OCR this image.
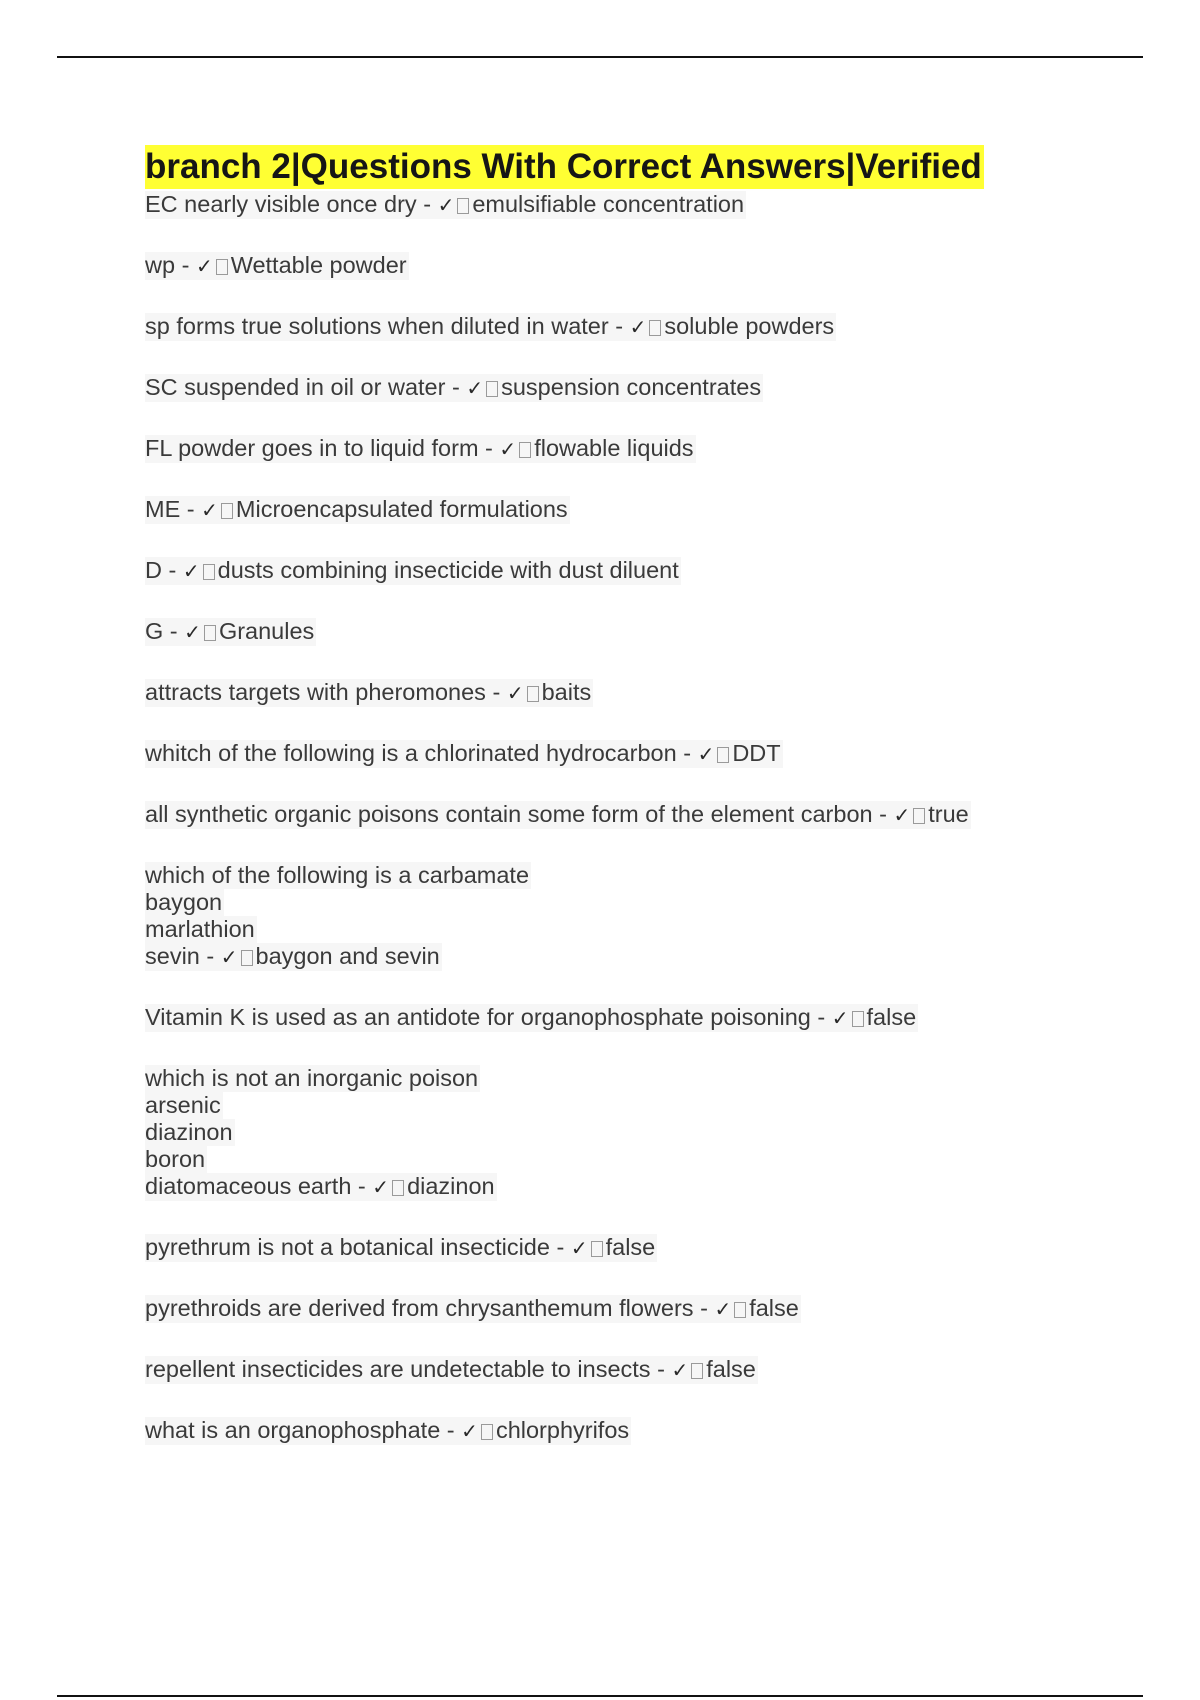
branch 2|Questions With Correct Answers|Verified
EC nearly visible once dry - ✓ emulsifiable concentration
wp - ✓ Wettable powder
sp forms true solutions when diluted in water - ✓ soluble powders
SC suspended in oil or water - ✓ suspension concentrates
FL powder goes in to liquid form - ✓ flowable liquids
ME - ✓ Microencapsulated formulations
D - ✓ dusts combining insecticide with dust diluent
G - ✓ Granules
attracts targets with pheromones - ✓ baits
whitch of the following is a chlorinated hydrocarbon - ✓ DDT
all synthetic organic poisons contain some form of the element carbon - ✓ true
which of the following is a carbamate
baygon
marlathion
sevin - ✓ baygon and sevin
Vitamin K is used as an antidote for organophosphate poisoning - ✓ false
which is not an inorganic poison
arsenic
diazinon
boron
diatomaceous earth - ✓ diazinon
pyrethrum is not a botanical insecticide - ✓ false
pyrethroids are derived from chrysanthemum flowers - ✓ false
repellent insecticides are undetectable to insects - ✓ false
what is an organophosphate - ✓ chlorphyrifos
